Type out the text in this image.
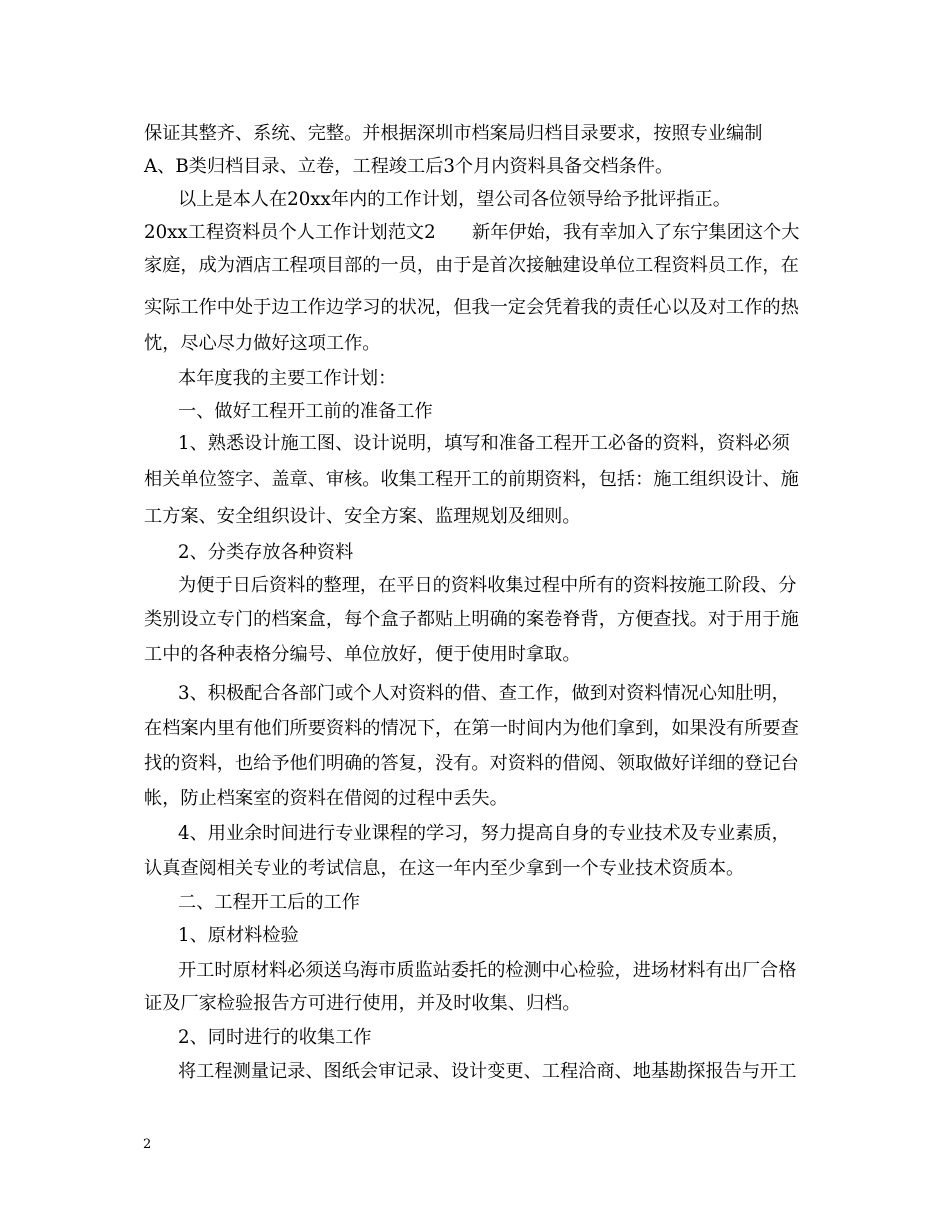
保证其整齐、系统、完整。并根据深圳市档案局归档目录要求，按照专业编制
A、B类归档目录、立卷，工程竣工后3个月内资料具备交档条件。
以上是本人在20xx年内的工作计划，望公司各位领导给予批评指正。
20xx工程资料员个人工作计划范文2　　新年伊始，我有幸加入了东宁集团这个大
家庭，成为酒店工程项目部的一员，由于是首次接触建设单位工程资料员工作，在
实际工作中处于边工作边学习的状况，但我一定会凭着我的责任心以及对工作的热
忱，尽心尽力做好这项工作。
本年度我的主要工作计划：
一、做好工程开工前的准备工作
1、熟悉设计施工图、设计说明，填写和准备工程开工必备的资料，资料必须
相关单位签字、盖章、审核。收集工程开工的前期资料，包括：施工组织设计、施
工方案、安全组织设计、安全方案、监理规划及细则。
2、分类存放各种资料
为便于日后资料的整理，在平日的资料收集过程中所有的资料按施工阶段、分
类别设立专门的档案盒，每个盒子都贴上明确的案卷脊背，方便查找。对于用于施
工中的各种表格分编号、单位放好，便于使用时拿取。
3、积极配合各部门或个人对资料的借、查工作，做到对资料情况心知肚明，
在档案内里有他们所要资料的情况下，在第一时间内为他们拿到，如果没有所要查
找的资料，也给予他们明确的答复，没有。对资料的借阅、领取做好详细的登记台
帐，防止档案室的资料在借阅的过程中丢失。
4、用业余时间进行专业课程的学习，努力提高自身的专业技术及专业素质，
认真查阅相关专业的考试信息，在这一年内至少拿到一个专业技术资质本。
二、工程开工后的工作
1、原材料检验
开工时原材料必须送乌海市质监站委托的检测中心检验，进场材料有出厂合格
证及厂家检验报告方可进行使用，并及时收集、归档。
2、同时进行的收集工作
将工程测量记录、图纸会审记录、设计变更、工程洽商、地基勘探报告与开工
2
